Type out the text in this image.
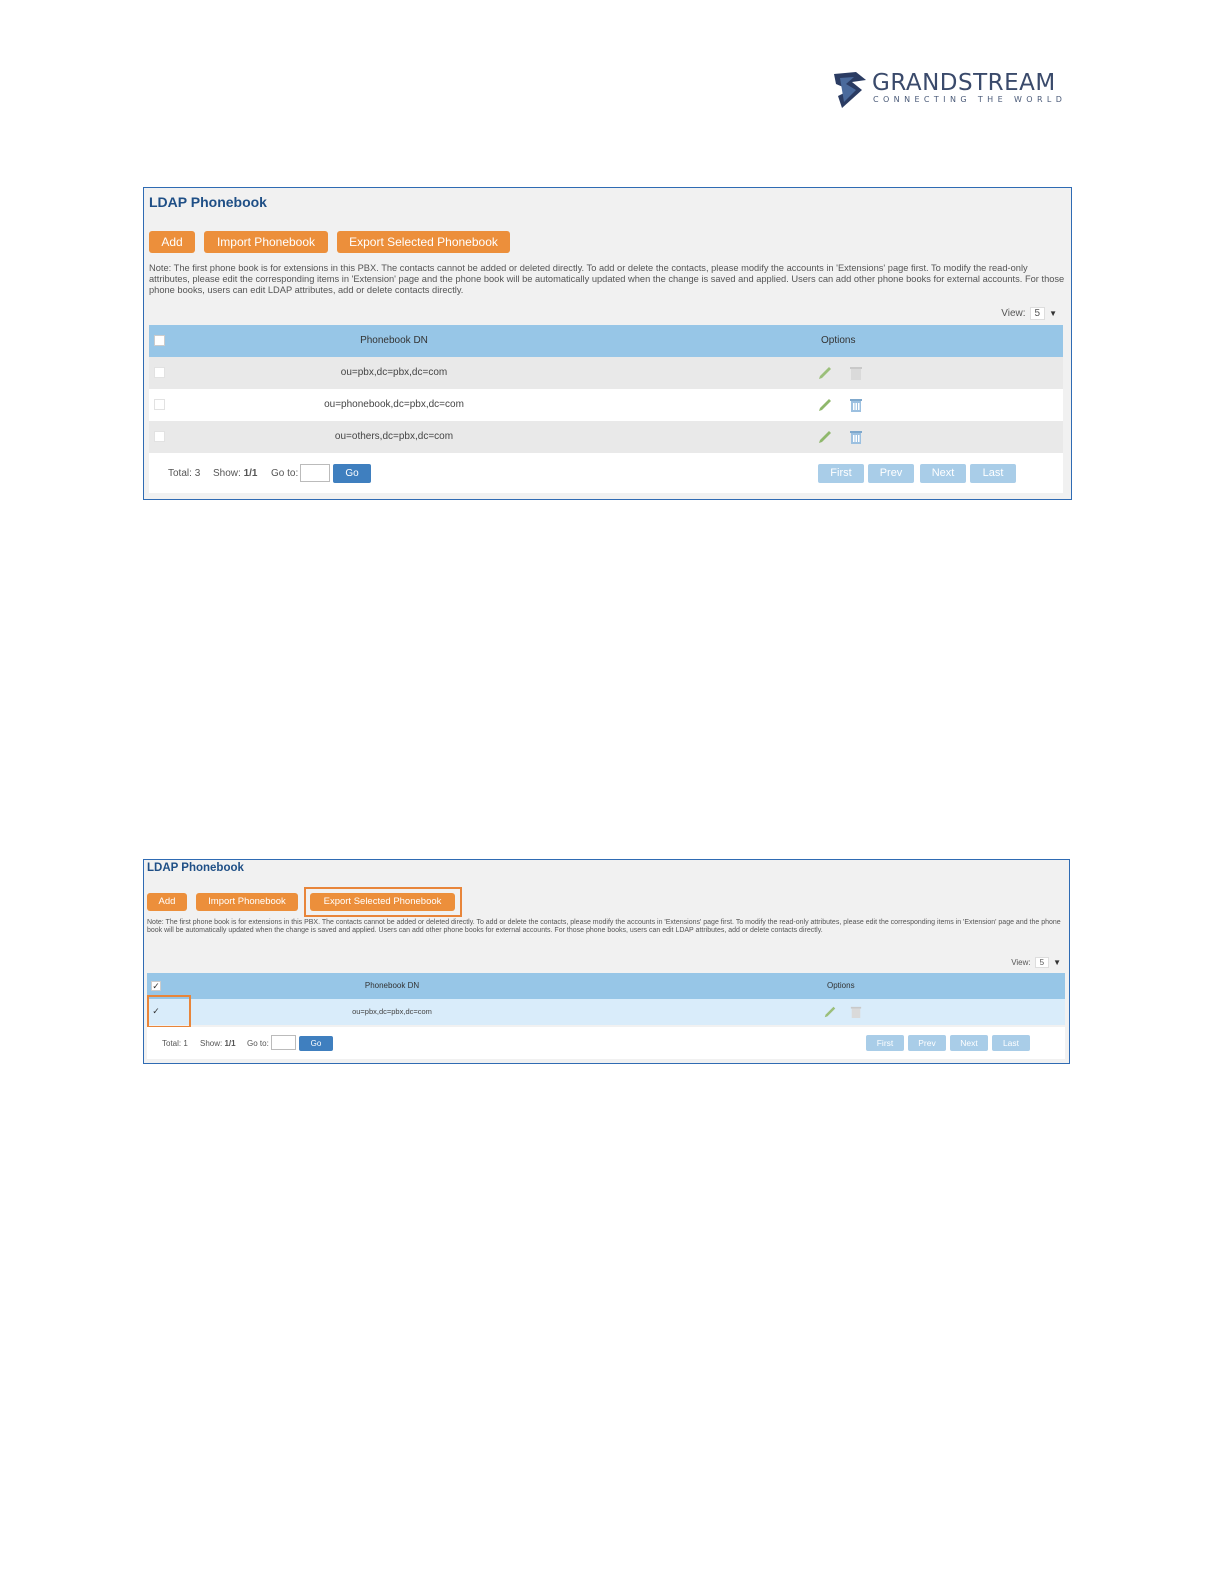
GRANDSTREAM
CONNECTING THE WORLD
LDAP Phonebook
Add	Import Phonebook	Export Selected Phonebook
Note: The first phone book is for extensions in this PBX. The contacts cannot be added or deleted directly. To add or delete the contacts, please modify the accounts in 'Extensions' page first. To modify the read-only attributes, please edit the corresponding items in 'Extension' page and the phone book will be automatically updated when the change is saved and applied. Users can add other phone books for external accounts. For those phone books, users can edit LDAP attributes, add or delete contacts directly.
View: 5 ▼
Phonebook DN	Options
ou=pbx,dc=pbx,dc=com
ou=phonebook,dc=pbx,dc=com
ou=others,dc=pbx,dc=com
Total: 3 Show: 1/1 Go to:	Go	First	Prev	Next	Last
LDAP Phonebook
Add	Import Phonebook	Export Selected Phonebook
Note: The first phone book is for extensions in this PBX. The contacts cannot be added or deleted directly. To add or delete the contacts, please modify the accounts in 'Extensions' page first. To modify the read-only attributes, please edit the corresponding items in 'Extension' page and the phone book will be automatically updated when the change is saved and applied. Users can add other phone books for external accounts. For those phone books, users can edit LDAP attributes, add or delete contacts directly.
View: 5 ▼
✓	Phonebook DN	Options
✓	ou=pbx,dc=pbx,dc=com
Total: 1 Show: 1/1 Go to:	Go	First	Prev	Next	Last
